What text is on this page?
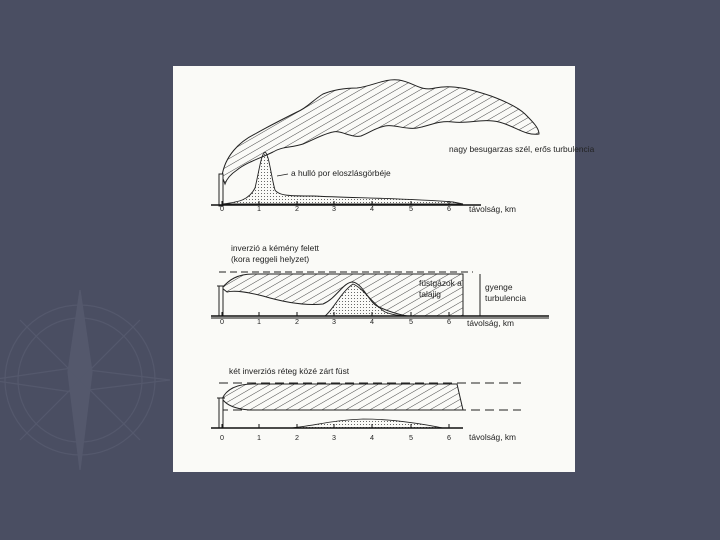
0	1	2	3	4	5	6 távolság, km
nagy besugarzas szél, erős turbulencia
a hulló por eloszlásgörbéje
0	1	2	3	4	5	6 távolság, km
inverzió a kémény felett
(kora reggeli helyzet)
füstgázok a
talajig
gyenge
turbulencia
0	1	2	3	4	5	6 távolság, km
két inverziós réteg közé zárt füst
